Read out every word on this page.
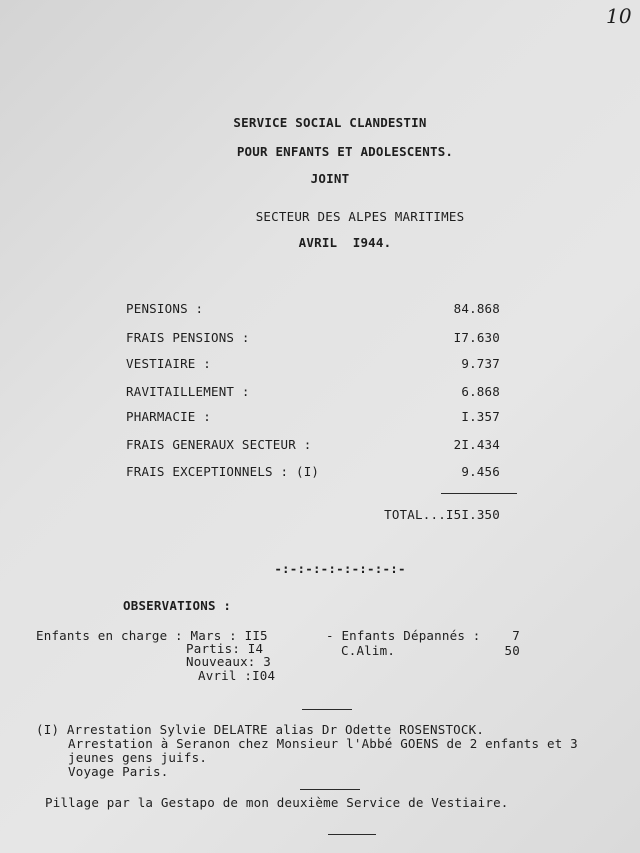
10
SERVICE SOCIAL CLANDESTIN
POUR ENFANTS ET ADOLESCENTS.
JOINT
SECTEUR DES ALPES MARITIMES
AVRIL  I944.
PENSIONS :	84.868
FRAIS PENSIONS :	I7.630
VESTIAIRE :	9.737
RAVITAILLEMENT :	6.868
PHARMACIE :	I.357
FRAIS GENERAUX SECTEUR :	2I.434
FRAIS EXCEPTIONNELS : (I)	9.456
TOTAL...I5I.350
-:-:-:-:-:-:-:-:-
OBSERVATIONS :
Enfants en charge : Mars : II5
Partis: I4
Nouveaux: 3
Avril :I04
- Enfants Dépannés :	7
C.Alim.	50
(I) Arrestation Sylvie DELATRE alias Dr Odette ROSENSTOCK.
Arrestation à Seranon chez Monsieur l'Abbé GOENS de 2 enfants et 3
jeunes gens juifs.
Voyage Paris.
Pillage par la Gestapo de mon deuxième Service de Vestiaire.
